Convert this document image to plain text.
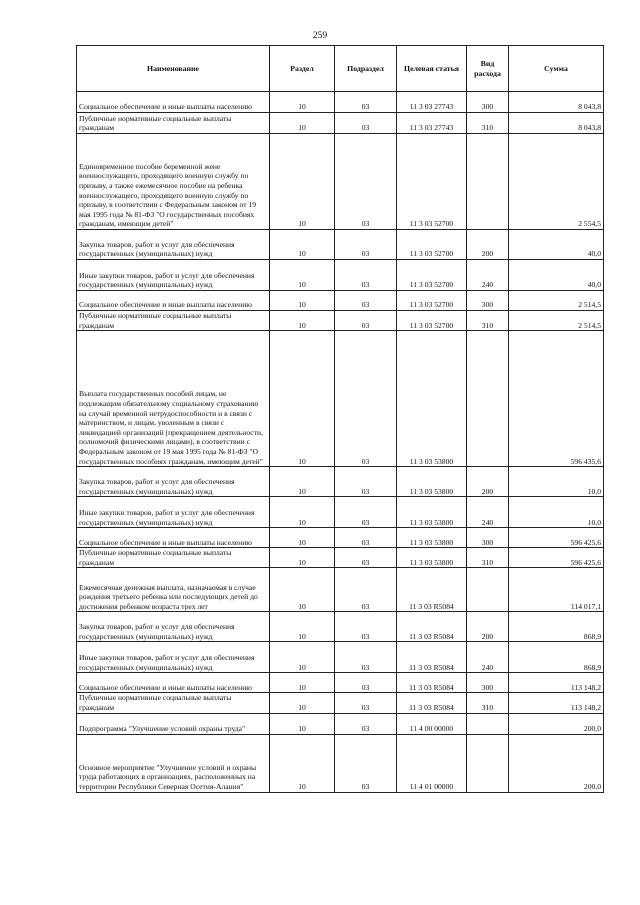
259
Наименование	Раздел	Подраздел	Целевая статья	Вид расхода	Сумма
Социальное обеспечение и иные выплаты населению	10	03	11 3 03 27743	300	8 043,8
Публичные нормативные социальные выплаты гражданам	10	03	11 3 03 27743	310	8 043,8
Единовременное пособие беременной жене военнослужащего, проходящего военную службу по призыву, а также ежемесячное пособие на ребенка военнослужащего, проходящего военную службу по призыву, в соответствии с Федеральным законом от 19 мая 1995 года № 81-ФЗ "О государственных пособиях гражданам, имеющим детей"	10	03	11 3 03 52700		2 554,5
Закупка товаров, работ и услуг для обеспечения государственных (муниципальных) нужд	10	03	11 3 03 52700	200	40,0
Иные закупки товаров, работ и услуг для обеспечения государственных (муниципальных) нужд	10	03	11 3 03 52700	240	40,0
Социальное обеспечение и иные выплаты населению	10	03	11 3 03 52700	300	2 514,5
Публичные нормативные социальные выплаты гражданам	10	03	11 3 03 52700	310	2 514,5
Выплата государственных пособий лицам, не подлежащим обязательному социальному страхованию на случай временной нетрудоспособности и в связи с материнством, и лицам, уволенным в связи с ликвидацией организаций (прекращением деятельности, полномочий физическими лицами), в соответствии с Федеральным законом от 19 мая 1995 года № 81-ФЗ "О государственных пособиях гражданам, имеющим детей"	10	03	11 3 03 53800		596 435,6
Закупка товаров, работ и услуг для обеспечения государственных (муниципальных) нужд	10	03	11 3 03 53800	200	10,0
Иные закупки товаров, работ и услуг для обеспечения государственных (муниципальных) нужд	10	03	11 3 03 53800	240	10,0
Социальное обеспечение и иные выплаты населению	10	03	11 3 03 53800	300	596 425,6
Публичные нормативные социальные выплаты гражданам	10	03	11 3 03 53800	310	596 425,6
Ежемесячная денежная выплата, назначаемая в случае рождения третьего ребенка или последующих детей до достижения ребенком возраста трех лет	10	03	11 3 03 R5084		114 017,1
Закупка товаров, работ и услуг для обеспечения государственных (муниципальных) нужд	10	03	11 3 03 R5084	200	868,9
Иные закупки товаров, работ и услуг для обеспечения государственных (муниципальных) нужд	10	03	11 3 03 R5084	240	868,9
Социальное обеспечение и иные выплаты населению	10	03	11 3 03 R5084	300	113 148,2
Публичные нормативные социальные выплаты гражданам	10	03	11 3 03 R5084	310	113 148,2
Подпрограмма "Улучшение условий охраны труда"	10	03	11 4 00 00000		200,0
Основное мероприятие "Улучшение условий и охраны труда работающих в организациях, расположенных на территории Республики Северная Осетия-Алания"	10	03	11 4 01 00000		200,0
